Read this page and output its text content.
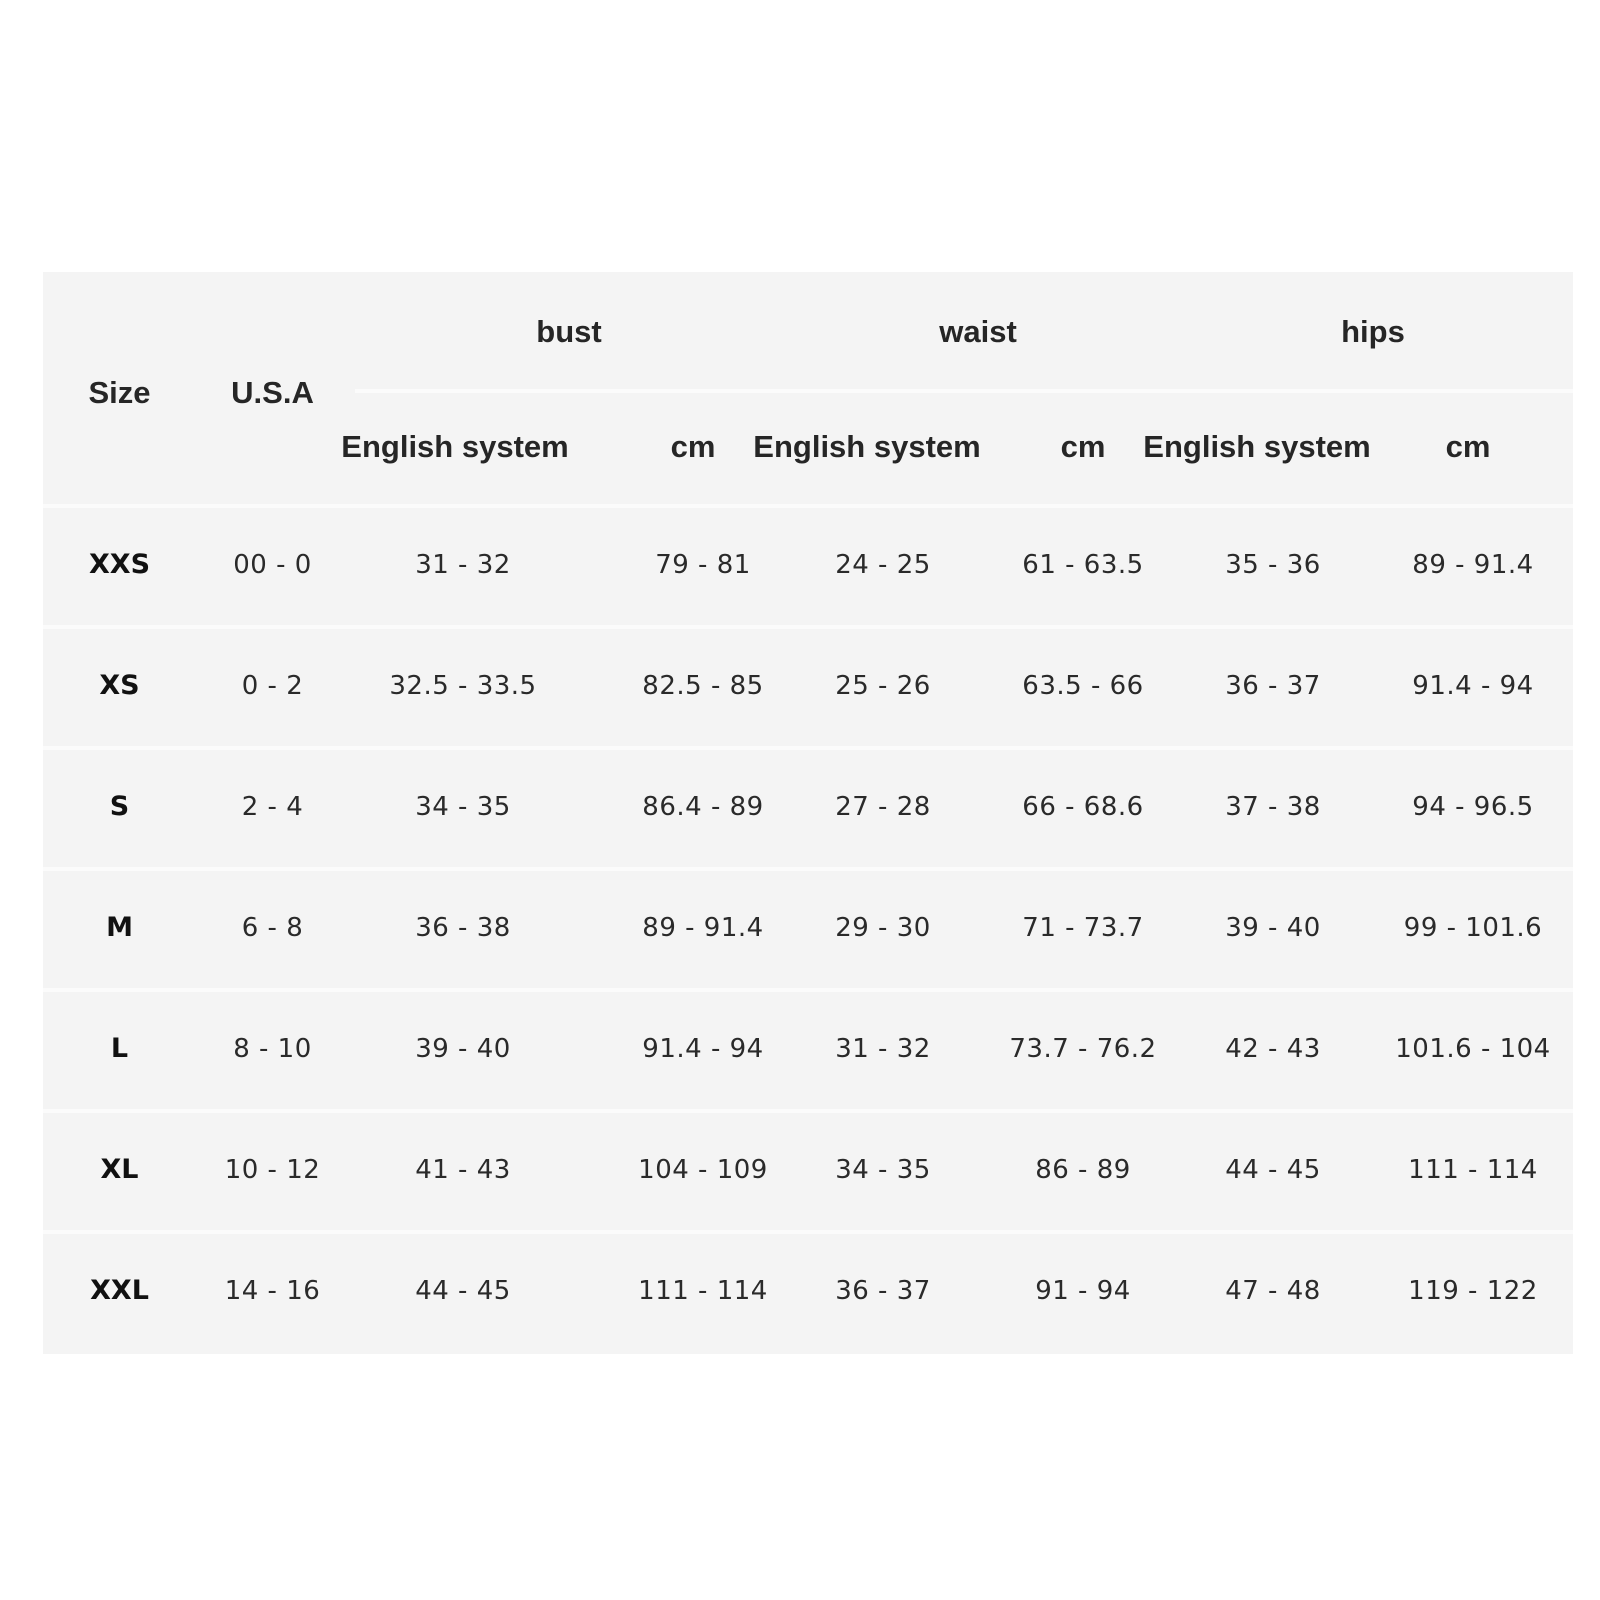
Size	U.S.A
bust	waist	hips
English system	cm	English system	cm	English system	cm
XXS	00 - 0	31 - 32	79 - 81	24 - 25	61 - 63.5	35 - 36	89 - 91.4
XS	0 - 2	32.5 - 33.5	82.5 - 85	25 - 26	63.5 - 66	36 - 37	91.4 - 94
S	2 - 4	34 - 35	86.4 - 89	27 - 28	66 - 68.6	37 - 38	94 - 96.5
M	6 - 8	36 - 38	89 - 91.4	29 - 30	71 - 73.7	39 - 40	99 - 101.6
L	8 - 10	39 - 40	91.4 - 94	31 - 32	73.7 - 76.2	42 - 43	101.6 - 104
XL	10 - 12	41 - 43	104 - 109	34 - 35	86 - 89	44 - 45	111 - 114
XXL	14 - 16	44 - 45	111 - 114	36 - 37	91 - 94	47 - 48	119 - 122
